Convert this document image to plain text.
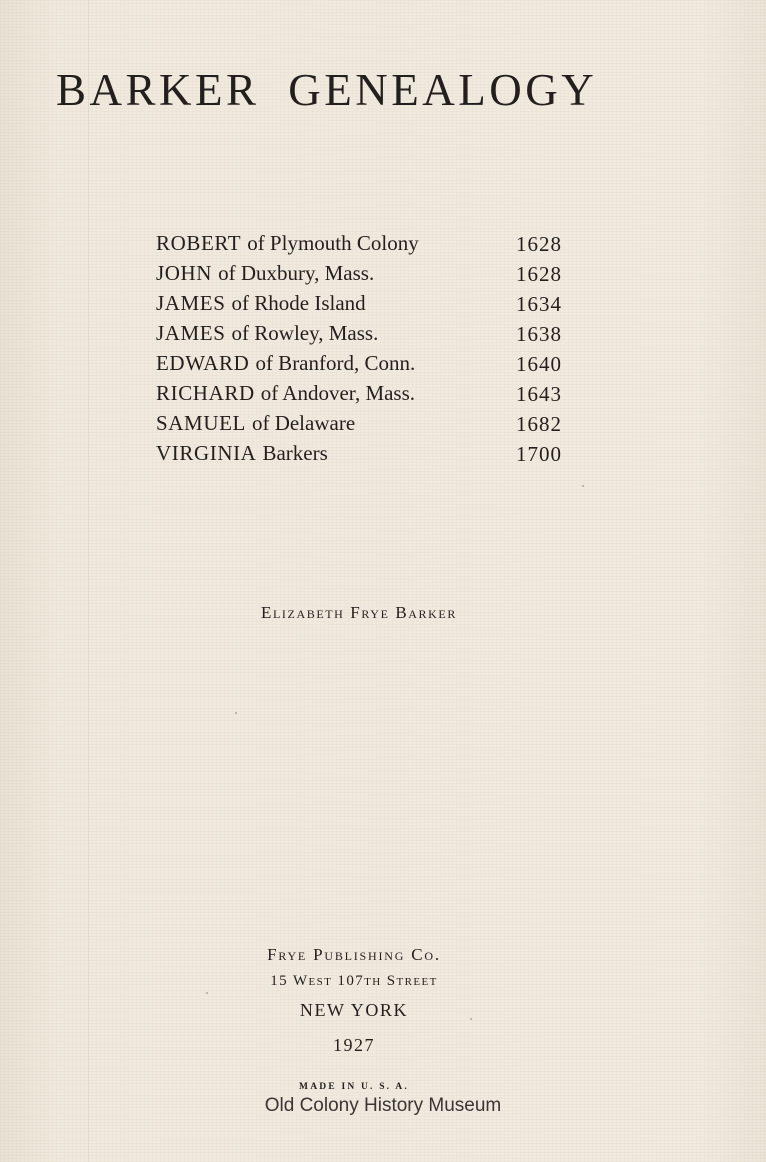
BARKER GENEALOGY
ROBERT of Plymouth Colony	1628
JOHN of Duxbury, Mass.	1628
JAMES of Rhode Island	1634
JAMES of Rowley, Mass.	1638
EDWARD of Branford, Conn.	1640
RICHARD of Andover, Mass.	1643
SAMUEL of Delaware	1682
VIRGINIA Barkers	1700
Elizabeth Frye Barker
Frye Publishing Co.
15 West 107th Street
NEW YORK
1927
MADE IN U. S. A.
Old Colony History Museum
